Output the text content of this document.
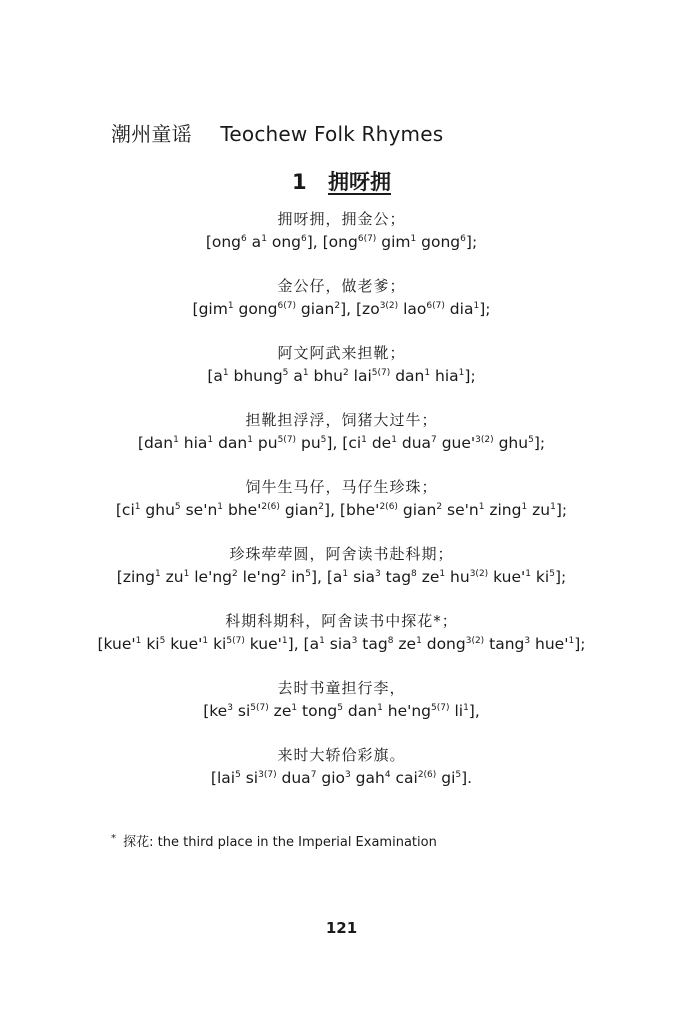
潮州童谣 Teochew Folk Rhymes
1 拥呀拥
拥呀拥，拥金公；
[ong$^6$ $a^1$ ong$^6$], [ong$^{6(7)}$ gim$^1$ gong$^6$];
金公仔，做老爹；
[gim$^1$ gong$^{6(7)}$ gian$^2$], [$zo^{3(2)}$ lao$^{6(7)}$ dia$^1$];
阿文阿武来担靴；
[$a^1$ bhung$^5$ $a^1$ bhu$^2$ lai$^{5(7)}$ dan$^1$ hia$^1$];
担靴担浮浮，饲猪大过牛；
[dan$^1$ hia$^1$ dan$^1$ $pu^{5(7)}$ $pu^5$], [$ci^1$ $de^1$ dua$^7$ $gue'^{3(2)}$ ghu$^5$];
饲牛生马仔，马仔生珍珠；
[$ci^1$ ghu$^5$ $se'n^1$ $bhe'^{2(6)}$ gian$^2$], [$bhe'^{2(6)}$ gian$^2$ $se'n^1$ zing$^1$ $zu^1$];
珍珠荦荦圆，阿舍读书赴科期；
[zing$^1$ $zu^1$ $le'ng^2$ $le'ng^2$ $in^5$], [$a^1$ sia$^3$ tag$^8$ $ze^1$ $hu^{3(2)}$ $kue'^1$ $ki^5$];
科期科期科，阿舍读书中探花*；
[$kue'^1$ $ki^5$ $kue'^1$ $ki^{5(7)}$ $kue'^1$], [$a^1$ sia$^3$ tag$^8$ $ze^1$ dong$^{3(2)}$ tang$^3$ $hue'^1$];
去时书童担行李，
[$ke^3$ $si^{5(7)}$ $ze^1$ tong$^5$ dan$^1$ $he'ng^{5(7)}$ $li^1$],
来时大轿佮彩旗。
[lai$^5$ $si^{3(7)}$ dua$^7$ gio$^3$ gah$^4$ cai$^{2(6)}$ $gi^5$].
* 探花: the third place in the Imperial Examination
121
